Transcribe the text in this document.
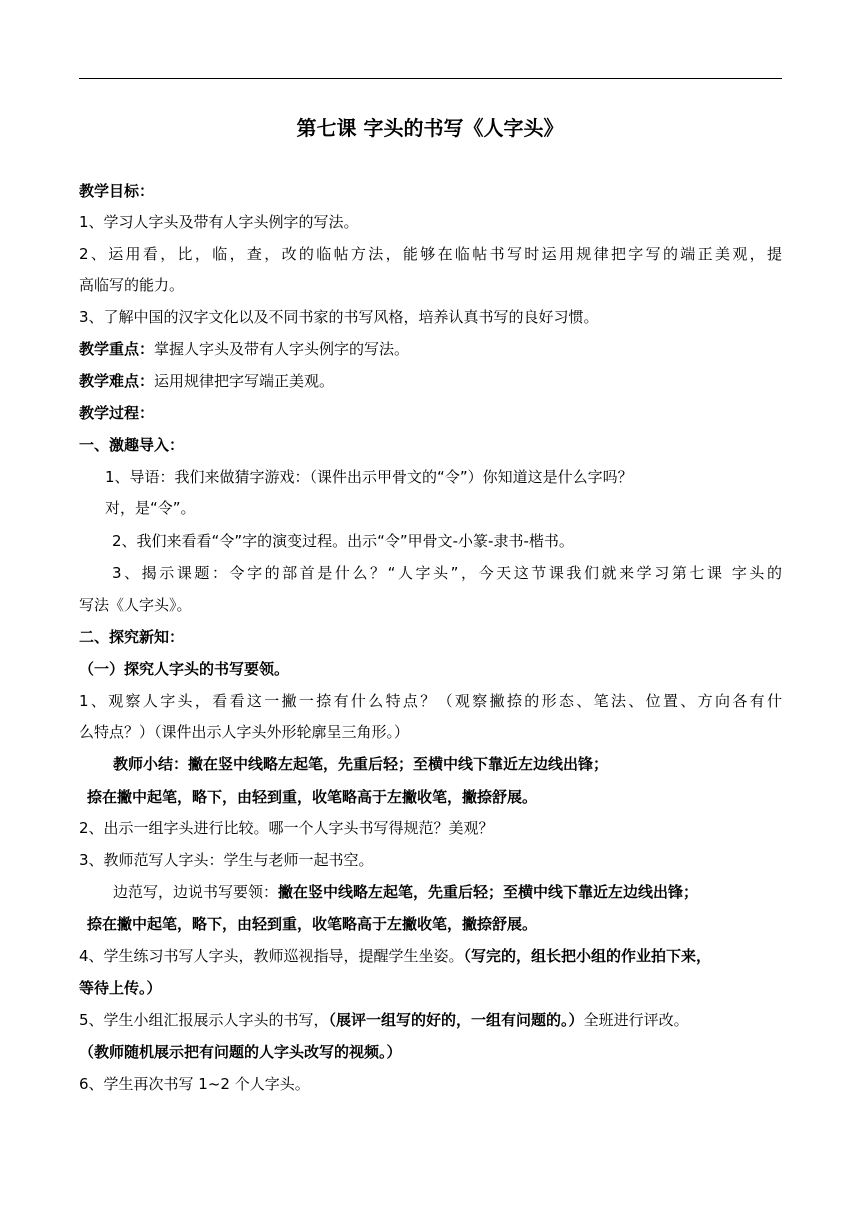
第七课 字头的书写《人字头》
教学目标：
1、学习人字头及带有人字头例字的写法。
2、运用看，比，临，查，改的临帖方法，能够在临帖书写时运用规律把字写的端正美观，提
高临写的能力。
3、了解中国的汉字文化以及不同书家的书写风格，培养认真书写的良好习惯。
教学重点：掌握人字头及带有人字头例字的写法。
教学难点：运用规律把字写端正美观。
教学过程：
一、激趣导入：
1、导语：我们来做猜字游戏：（课件出示甲骨文的“令”）你知道这是什么字吗？
对，是“令”。
2、我们来看看“令”字的演变过程。出示“令”甲骨文-小篆-隶书-楷书。
3、揭示课题：令字的部首是什么？“人字头”，今天这节课我们就来学习第七课 字头的
写法《人字头》。
二、探究新知：
（一）探究人字头的书写要领。
1、观察人字头，看看这一撇一捺有什么特点？（观察撇捺的形态、笔法、位置、方向各有什
么特点？）（课件出示人字头外形轮廓呈三角形。）
教师小结：撇在竖中线略左起笔，先重后轻；至横中线下靠近左边线出锋；
捺在撇中起笔，略下，由轻到重，收笔略高于左撇收笔，撇捺舒展。
2、出示一组字头进行比较。哪一个人字头书写得规范？美观？
3、教师范写人字头：学生与老师一起书空。
边范写，边说书写要领：撇在竖中线略左起笔，先重后轻；至横中线下靠近左边线出锋；
捺在撇中起笔，略下，由轻到重，收笔略高于左撇收笔，撇捺舒展。
4、学生练习书写人字头，教师巡视指导，提醒学生坐姿。（写完的，组长把小组的作业拍下来，
等待上传。）
5、学生小组汇报展示人字头的书写，（展评一组写的好的，一组有问题的。）全班进行评改。
（教师随机展示把有问题的人字头改写的视频。）
6、学生再次书写 1~2 个人字头。
